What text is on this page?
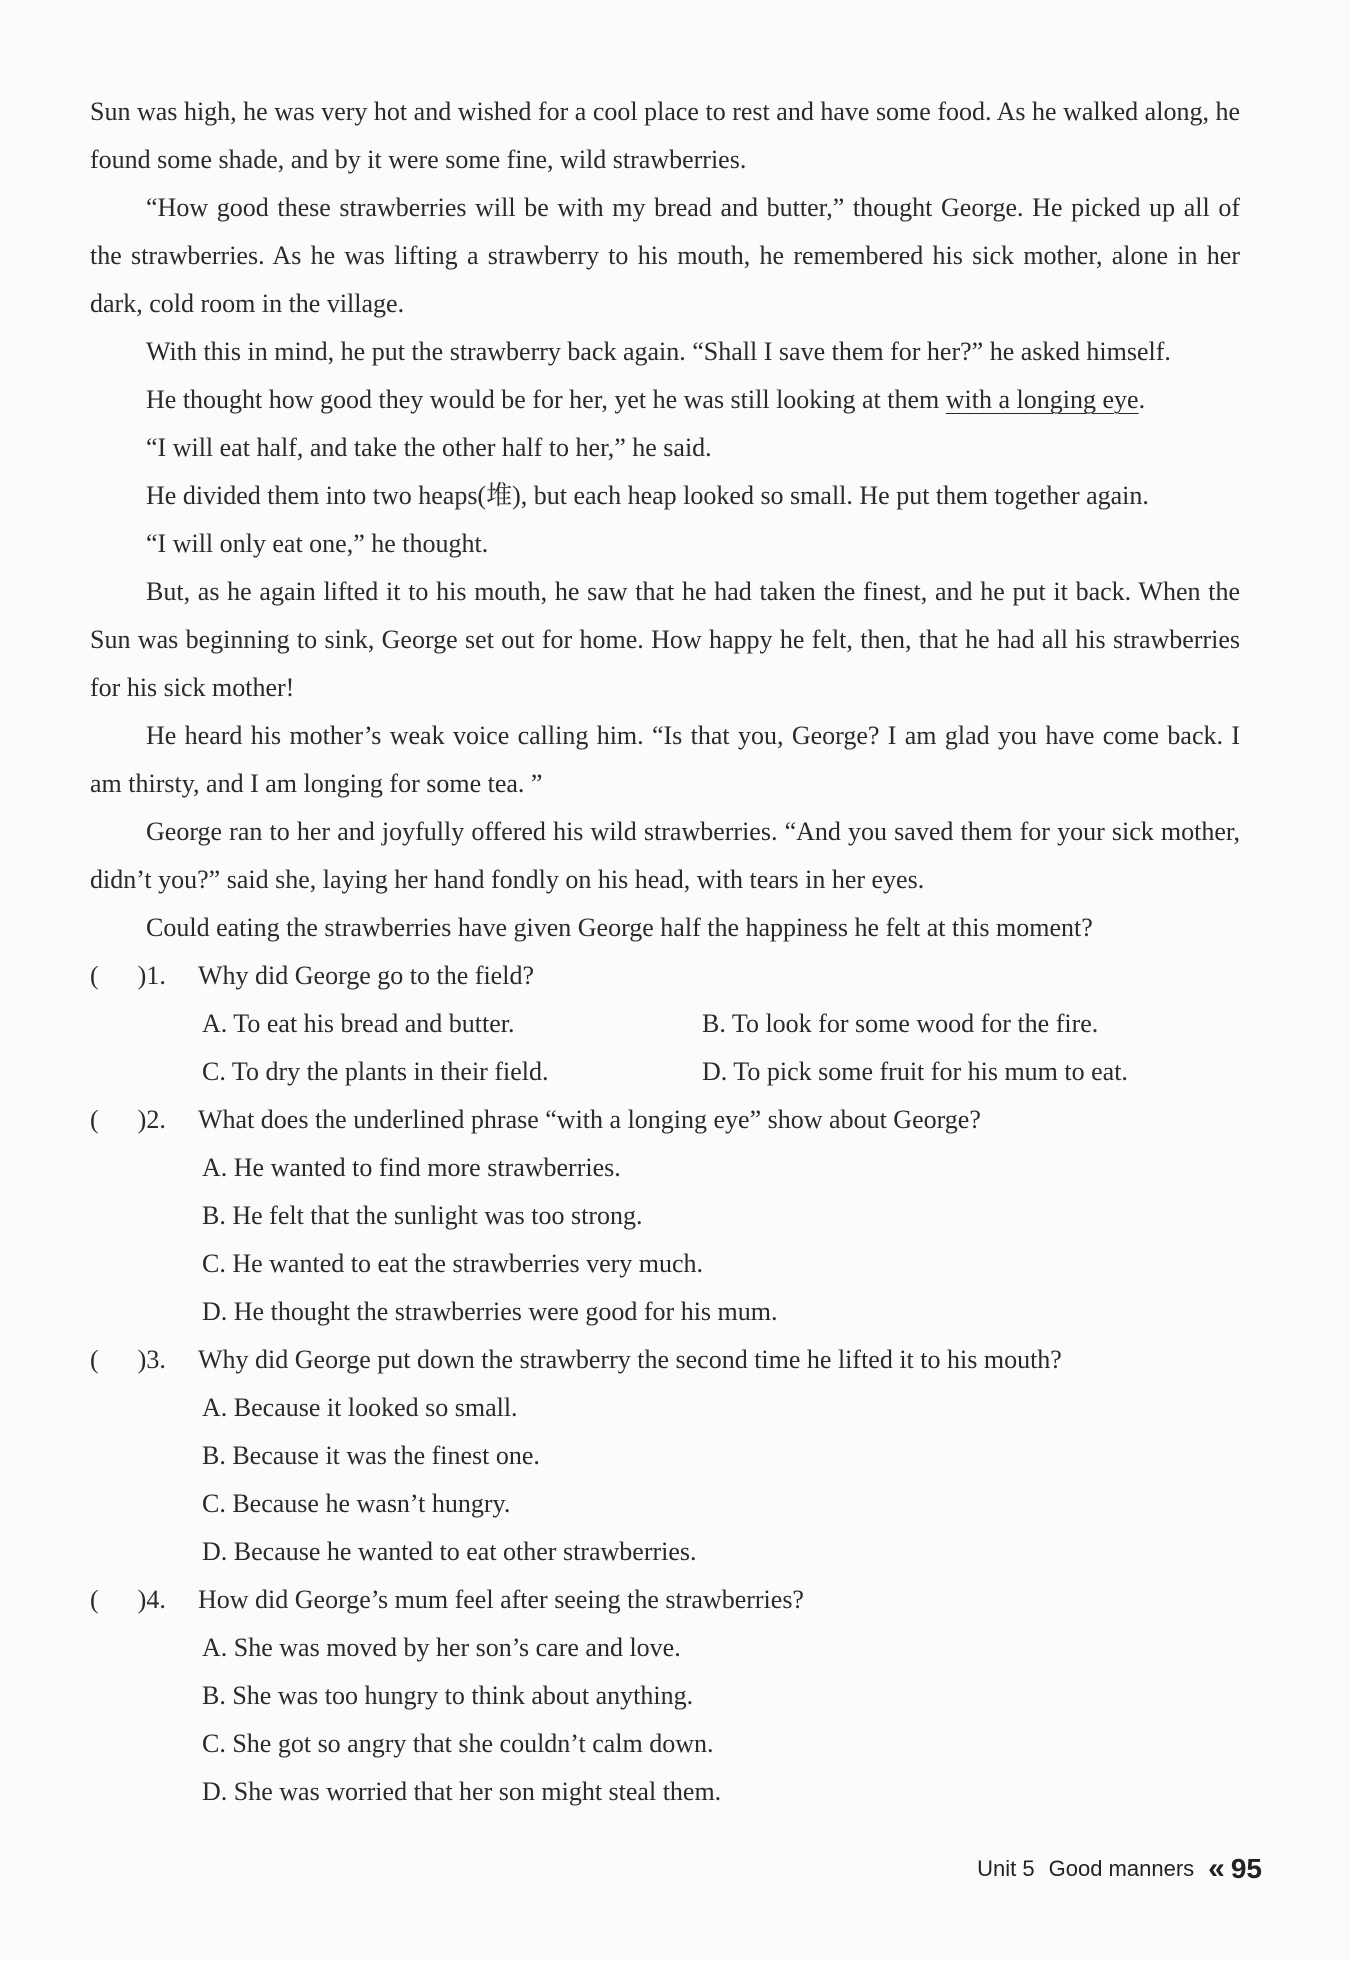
Sun was high, he was very hot and wished for a cool place to rest and have some food. As he walked along, he found some shade, and by it were some fine, wild strawberries.

“How good these strawberries will be with my bread and butter,” thought George. He picked up all of the strawberries. As he was lifting a strawberry to his mouth, he remembered his sick mother, alone in her dark, cold room in the village.

With this in mind, he put the strawberry back again. “Shall I save them for her?” he asked himself.

He thought how good they would be for her, yet he was still looking at them with a longing eye.

“I will eat half, and take the other half to her,” he said.

He divided them into two heaps(堆), but each heap looked so small. He put them together again.

“I will only eat one,” he thought.

But, as he again lifted it to his mouth, he saw that he had taken the finest, and he put it back. When the Sun was beginning to sink, George set out for home. How happy he felt, then, that he had all his strawberries for his sick mother!

He heard his mother’s weak voice calling him. “Is that you, George? I am glad you have come back. I am thirsty, and I am longing for some tea. ”

George ran to her and joyfully offered his wild strawberries. “And you saved them for your sick mother, didn’t you?” said she, laying her hand fondly on his head, with tears in her eyes.

Could eating the strawberries have given George half the happiness he felt at this moment?

(      )1.	Why did George go to the field?
A. To eat his bread and butter.	B. To look for some wood for the fire.
C. To dry the plants in their field.	D. To pick some fruit for his mum to eat.
(      )2.	What does the underlined phrase “with a longing eye” show about George?
A. He wanted to find more strawberries.
B. He felt that the sunlight was too strong.
C. He wanted to eat the strawberries very much.
D. He thought the strawberries were good for his mum.
(      )3.	Why did George put down the strawberry the second time he lifted it to his mouth?
A. Because it looked so small.
B. Because it was the finest one.
C. Because he wasn’t hungry.
D. Because he wanted to eat other strawberries.
(      )4.	How did George’s mum feel after seeing the strawberries?
A. She was moved by her son’s care and love.
B. She was too hungry to think about anything.
C. She got so angry that she couldn’t calm down.
D. She was worried that her son might steal them.
Unit 5 Good manners « 95
